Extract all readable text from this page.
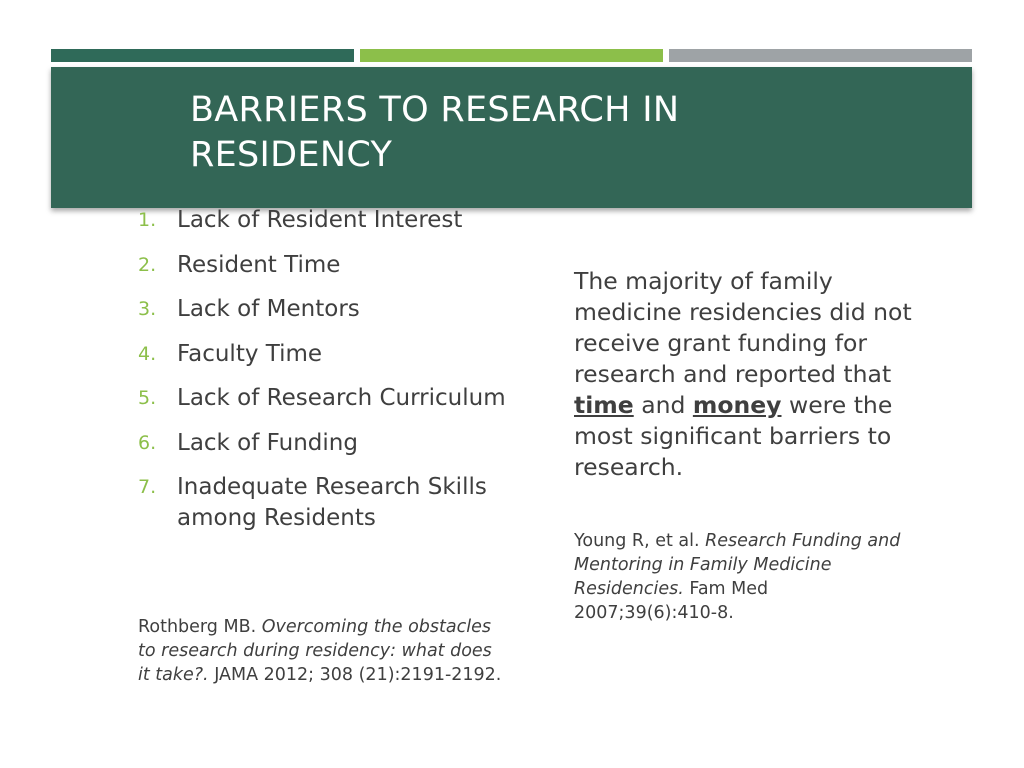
BARRIERS TO RESEARCH IN RESIDENCY
1. Lack of Resident Interest
2. Resident Time
3. Lack of Mentors
4. Faculty Time
5. Lack of Research Curriculum
6. Lack of Funding
7. Inadequate Research Skills among Residents
Rothberg MB. Overcoming the obstacles to research during residency: what does it take?. JAMA 2012; 308 (21):2191-2192.
The majority of family medicine residencies did not receive grant funding for research and reported that time and money were the most significant barriers to research.
Young R, et al. Research Funding and Mentoring in Family Medicine Residencies. Fam Med 2007;39(6):410-8.
